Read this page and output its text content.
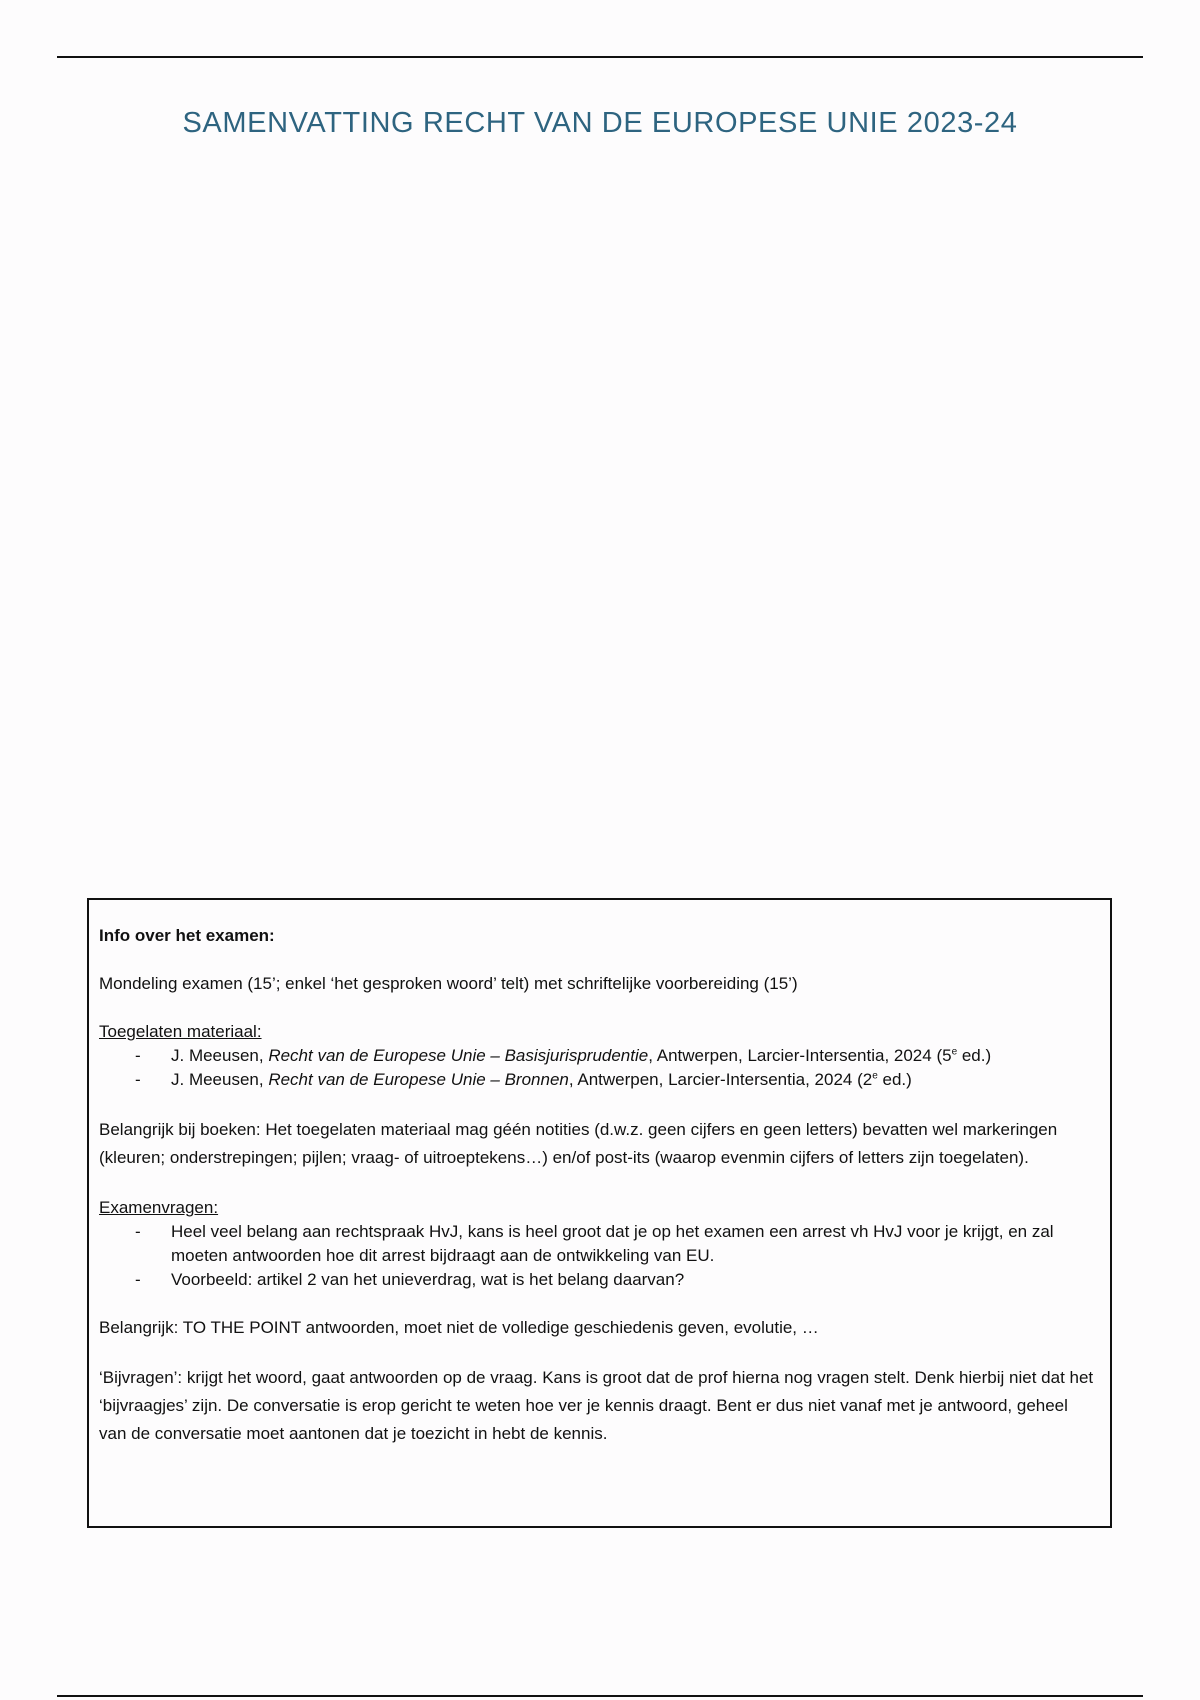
SAMENVATTING RECHT VAN DE EUROPESE UNIE 2023-24

Info over het examen:

Mondeling examen (15’; enkel ‘het gesproken woord’ telt) met schriftelijke voorbereiding (15’)

Toegelaten materiaal:

- J. Meeusen, Recht van de Europese Unie – Basisjurisprudentie, Antwerpen, Larcier-Intersentia, 2024 (5e ed.)
- J. Meeusen, Recht van de Europese Unie – Bronnen, Antwerpen, Larcier-Intersentia, 2024 (2e ed.)

Belangrijk bij boeken: Het toegelaten materiaal mag géén notities (d.w.z. geen cijfers en geen letters) bevatten wel markeringen (kleuren; onderstrepingen; pijlen; vraag- of uitroeptekens…) en/of post-its (waarop evenmin cijfers of letters zijn toegelaten).

Examenvragen:

- Heel veel belang aan rechtspraak HvJ, kans is heel groot dat je op het examen een arrest vh HvJ voor je krijgt, en zal moeten antwoorden hoe dit arrest bijdraagt aan de ontwikkeling van EU.
- Voorbeeld: artikel 2 van het unieverdrag, wat is het belang daarvan?

Belangrijk: TO THE POINT antwoorden, moet niet de volledige geschiedenis geven, evolutie, …

‘Bijvragen’: krijgt het woord, gaat antwoorden op de vraag. Kans is groot dat de prof hierna nog vragen stelt. Denk hierbij niet dat het ‘bijvraagjes’ zijn. De conversatie is erop gericht te weten hoe ver je kennis draagt. Bent er dus niet vanaf met je antwoord, geheel van de conversatie moet aantonen dat je toezicht in hebt de kennis.
